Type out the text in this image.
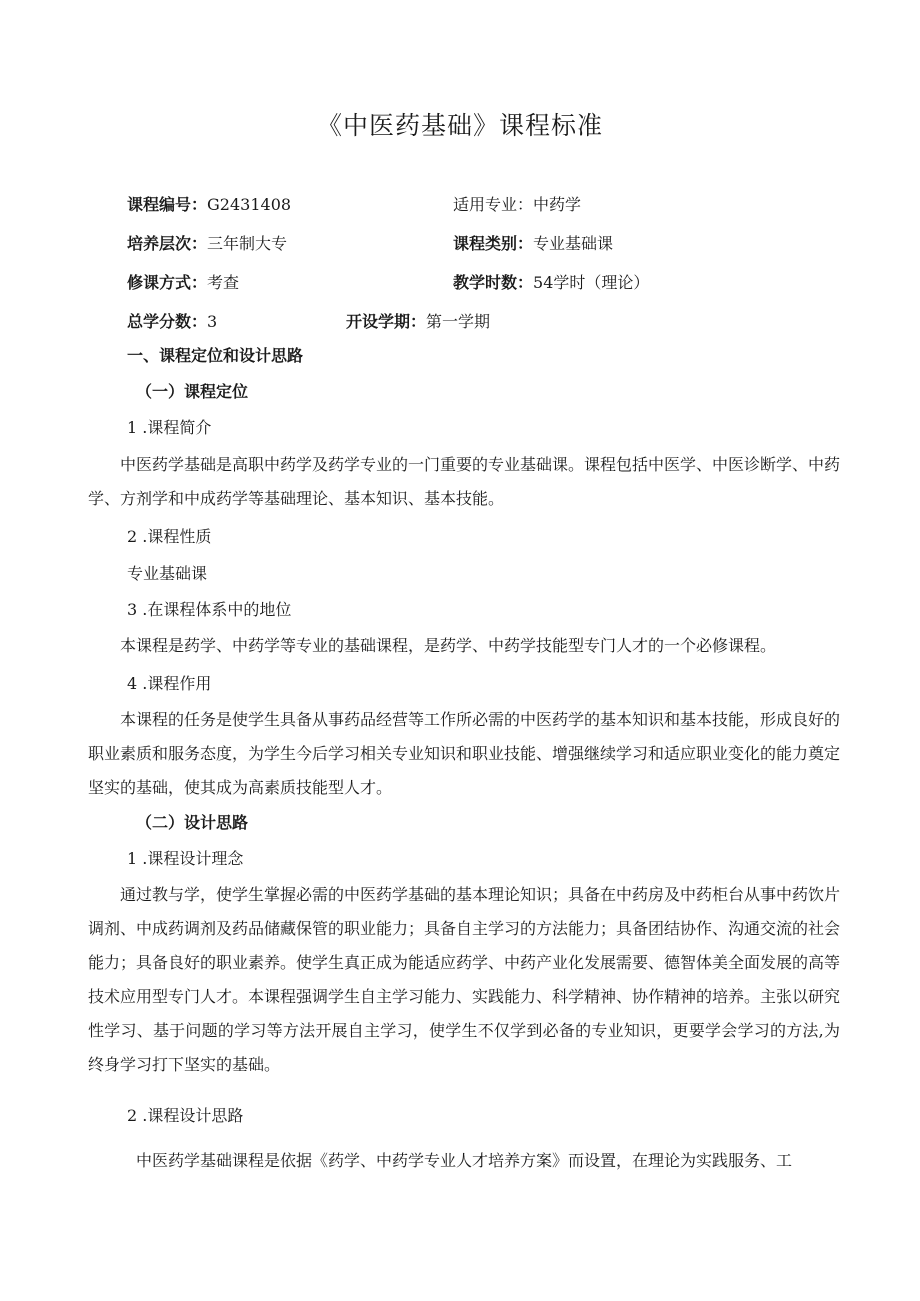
《中医药基础》课程标准
课程编号：G2431408	适用专业：中药学
培养层次：三年制大专	课程类别：专业基础课
修课方式：考查	教学时数：54学时（理论）
总学分数：3	开设学期：第一学期
一、课程定位和设计思路
（一）课程定位
1 .课程简介
中医药学基础是高职中药学及药学专业的一门重要的专业基础课。课程包括中医学、中医诊断学、中药学、方剂学和中成药学等基础理论、基本知识、基本技能。
2 .课程性质
专业基础课
3 .在课程体系中的地位
本课程是药学、中药学等专业的基础课程，是药学、中药学技能型专门人才的一个必修课程。
4 .课程作用
本课程的任务是使学生具备从事药品经营等工作所必需的中医药学的基本知识和基本技能，形成良好的职业素质和服务态度，为学生今后学习相关专业知识和职业技能、增强继续学习和适应职业变化的能力奠定坚实的基础，使其成为高素质技能型人才。
（二）设计思路
1 .课程设计理念
通过教与学，使学生掌握必需的中医药学基础的基本理论知识；具备在中药房及中药柜台从事中药饮片调剂、中成药调剂及药品储藏保管的职业能力；具备自主学习的方法能力；具备团结协作、沟通交流的社会能力；具备良好的职业素养。使学生真正成为能适应药学、中药产业化发展需要、德智体美全面发展的高等技术应用型专门人才。本课程强调学生自主学习能力、实践能力、科学精神、协作精神的培养。主张以研究性学习、基于问题的学习等方法开展自主学习，使学生不仅学到必备的专业知识，更要学会学习的方法,为终身学习打下坚实的基础。
2 .课程设计思路
中医药学基础课程是依据《药学、中药学专业人才培养方案》而设置，在理论为实践服务、工
